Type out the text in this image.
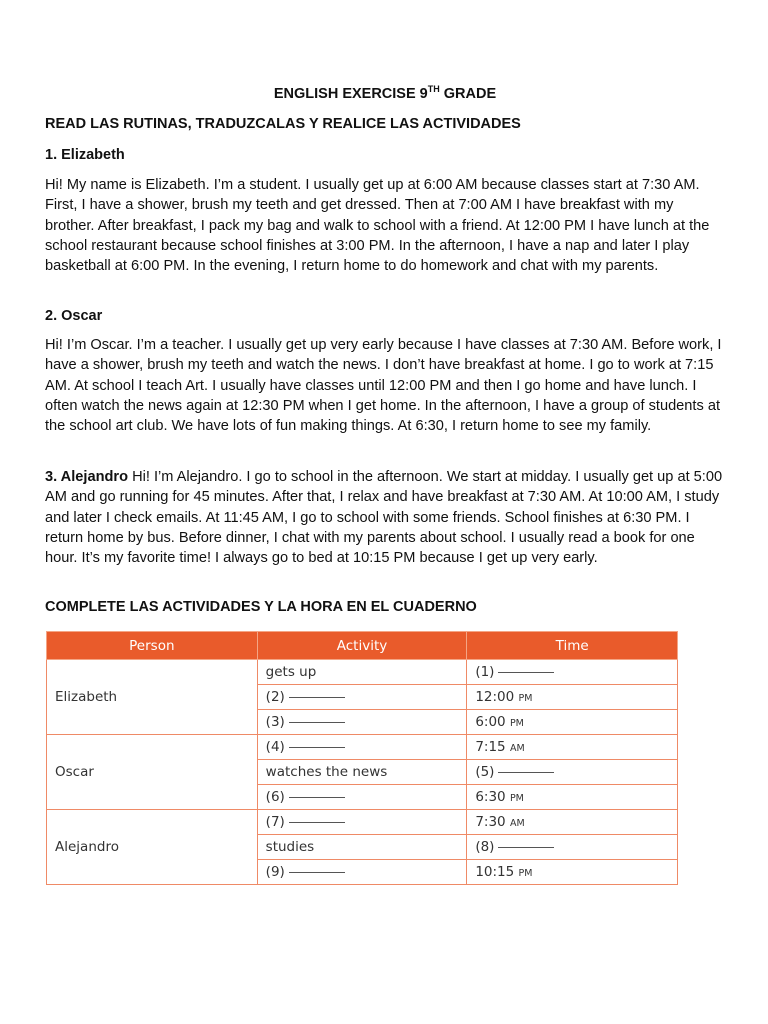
ENGLISH EXERCISE 9TH GRADE
READ LAS RUTINAS, TRADUZCALAS Y REALICE LAS ACTIVIDADES
1. Elizabeth

Hi! My name is Elizabeth. I’m a student. I usually get up at 6:00 AM because classes start at 7:30 AM. First, I have a shower, brush my teeth and get dressed. Then at 7:00 AM I have breakfast with my brother. After breakfast, I pack my bag and walk to school with a friend. At 12:00 PM I have lunch at the school restaurant because school finishes at 3:00 PM. In the afternoon, I have a nap and later I play basketball at 6:00 PM. In the evening, I return home to do homework and chat with my parents.

2. Oscar

Hi! I’m Oscar. I’m a teacher. I usually get up very early because I have classes at 7:30 AM. Before work, I have a shower, brush my teeth and watch the news. I don’t have breakfast at home. I go to work at 7:15 AM. At school I teach Art. I usually have classes until 12:00 PM and then I go home and have lunch. I often watch the news again at 12:30 PM when I get home. In the afternoon, I have a group of students at the school art club. We have lots of fun making things. At 6:30, I return home to see my family.

3. Alejandro Hi! I’m Alejandro. I go to school in the afternoon. We start at midday. I usually get up at 5:00 AM and go running for 45 minutes. After that, I relax and have breakfast at 7:30 AM. At 10:00 AM, I study and later I check emails. At 11:45 AM, I go to school with some friends. School finishes at 6:30 PM. I return home by bus. Before dinner, I chat with my parents about school. I usually read a book for one hour. It’s my favorite time! I always go to bed at 10:15 PM because I get up very early.

COMPLETE LAS ACTIVIDADES Y LA HORA EN EL CUADERNO
Person	Activity	Time
Elizabeth	gets up	(1)
	(2)	12:00 PM
	(3)	6:00 PM
Oscar	(4)	7:15 AM
	watches the news	(5)
	(6)	6:30 PM
Alejandro	(7)	7:30 AM
	studies	(8)
	(9)	10:15 PM
